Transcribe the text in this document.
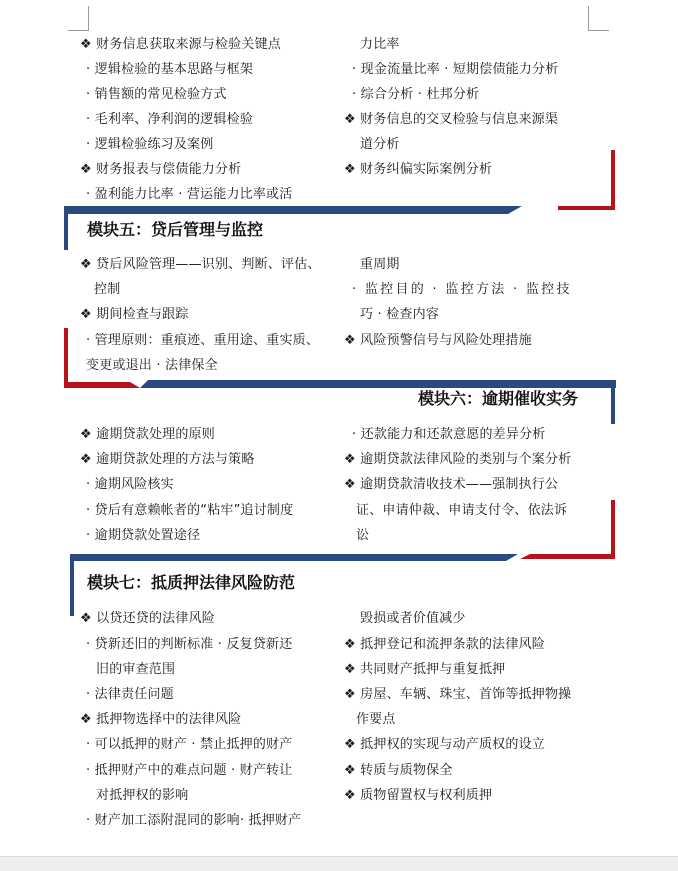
❖ 财务信息获取来源与检验关键点
· 逻辑检验的基本思路与框架
· 销售额的常见检验方式
· 毛利率、净利润的逻辑检验
· 逻辑检验练习及案例
❖ 财务报表与偿债能力分析
· 盈利能力比率 · 营运能力比率或活
力比率
· 现金流量比率 · 短期偿债能力分析
· 综合分析 · 杜邦分析
❖ 财务信息的交叉检验与信息来源渠
道分析
❖ 财务纠偏实际案例分析
模块五：贷后管理与监控
❖ 贷后风险管理——识别、判断、评估、
控制
❖ 期间检查与跟踪
· 管理原则：重痕迹、重用途、重实质、
变更或退出 · 法律保全
重周期
· 监控目的 · 监控方法 · 监控技
巧 · 检查内容
❖ 风险预警信号与风险处理措施
模块六：逾期催收实务
❖ 逾期贷款处理的原则
❖ 逾期贷款处理的方法与策略
· 逾期风险核实
· 贷后有意赖帐者的“粘牢”追讨制度
· 逾期贷款处置途径
· 还款能力和还款意愿的差异分析
❖ 逾期贷款法律风险的类别与个案分析
❖ 逾期贷款清收技术——强制执行公
证、申请仲裁、申请支付令、依法诉
讼
模块七：抵质押法律风险防范
❖ 以贷还贷的法律风险
· 贷新还旧的判断标准 · 反复贷新还
旧的审查范围
· 法律责任问题
❖ 抵押物选择中的法律风险
· 可以抵押的财产 · 禁止抵押的财产
· 抵押财产中的难点问题 · 财产转让
对抵押权的影响
· 财产加工添附混同的影响· 抵押财产
毁损或者价值减少
❖ 抵押登记和流押条款的法律风险
❖ 共同财产抵押与重复抵押
❖ 房屋、车辆、珠宝、首饰等抵押物操
作要点
❖ 抵押权的实现与动产质权的设立
❖ 转质与质物保全
❖ 质物留置权与权利质押
